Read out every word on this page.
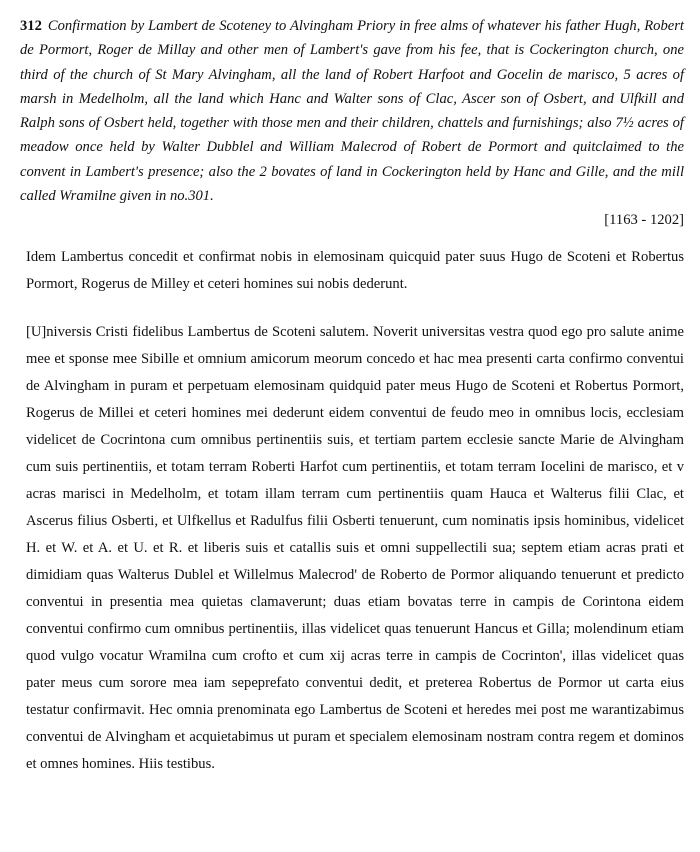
312 Confirmation by Lambert de Scoteney to Alvingham Priory in free alms of whatever his father Hugh, Robert de Pormort, Roger de Millay and other men of Lambert's gave from his fee, that is Cockerington church, one third of the church of St Mary Alvingham, all the land of Robert Harfoot and Gocelin de marisco, 5 acres of marsh in Medelholm, all the land which Hanc and Walter sons of Clac, Ascer son of Osbert, and Ulfkill and Ralph sons of Osbert held, together with those men and their children, chattels and furnishings; also 7½ acres of meadow once held by Walter Dubblel and William Malecrod of Robert de Pormort and quitclaimed to the convent in Lambert's presence; also the 2 bovates of land in Cockerington held by Hanc and Gille, and the mill called Wramilne given in no.301.

[1163 - 1202]

Idem Lambertus concedit et confirmat nobis in elemosinam quicquid pater suus Hugo de Scoteni et Robertus Pormort, Rogerus de Milley et ceteri homines sui nobis dederunt.

[U]niversis Cristi fidelibus Lambertus de Scoteni salutem. Noverit universitas vestra quod ego pro salute anime mee et sponse mee Sibille et omnium amicorum meorum concedo et hac mea presenti carta confirmo conventui de Alvingham in puram et perpetuam elemosinam quidquid pater meus Hugo de Scoteni et Robertus Pormort, Rogerus de Millei et ceteri homines mei dederunt eidem conventui de feudo meo in omnibus locis, ecclesiam videlicet de Cocrintona cum omnibus pertinentiis suis, et tertiam partem ecclesie sancte Marie de Alvingham cum suis pertinentiis, et totam terram Roberti Harfot cum pertinentiis, et totam terram Iocelini de marisco, et v acras marisci in Medelholm, et totam illam terram cum pertinentiis quam Hauca et Walterus filii Clac, et Ascerus filius Osberti, et Ulfkellus et Radulfus filii Osberti tenuerunt, cum nominatis ipsis hominibus, videlicet H. et W. et A. et U. et R. et liberis suis et catallis suis et omni suppellectili sua; septem etiam acras prati et dimidiam quas Walterus Dublel et Willelmus Malecrod' de Roberto de Pormor aliquando tenuerunt et predicto conventui in presentia mea quietas clamaverunt; duas etiam bovatas terre in campis de Corintona eidem conventui confirmo cum omnibus pertinentiis, illas videlicet quas tenuerunt Hancus et Gilla; molendinum etiam quod vulgo vocatur Wramilna cum crofto et cum xij acras terre in campis de Cocrinton', illas videlicet quas pater meus cum sorore mea iam sepeprefato conventui dedit, et preterea Robertus de Pormor ut carta eius testatur confirmavit. Hec omnia prenominata ego Lambertus de Scoteni et heredes mei post me warantizabimus conventui de Alvingham et acquietabimus ut puram et specialem elemosinam nostram contra regem et dominos et omnes homines. Hiis testibus.
